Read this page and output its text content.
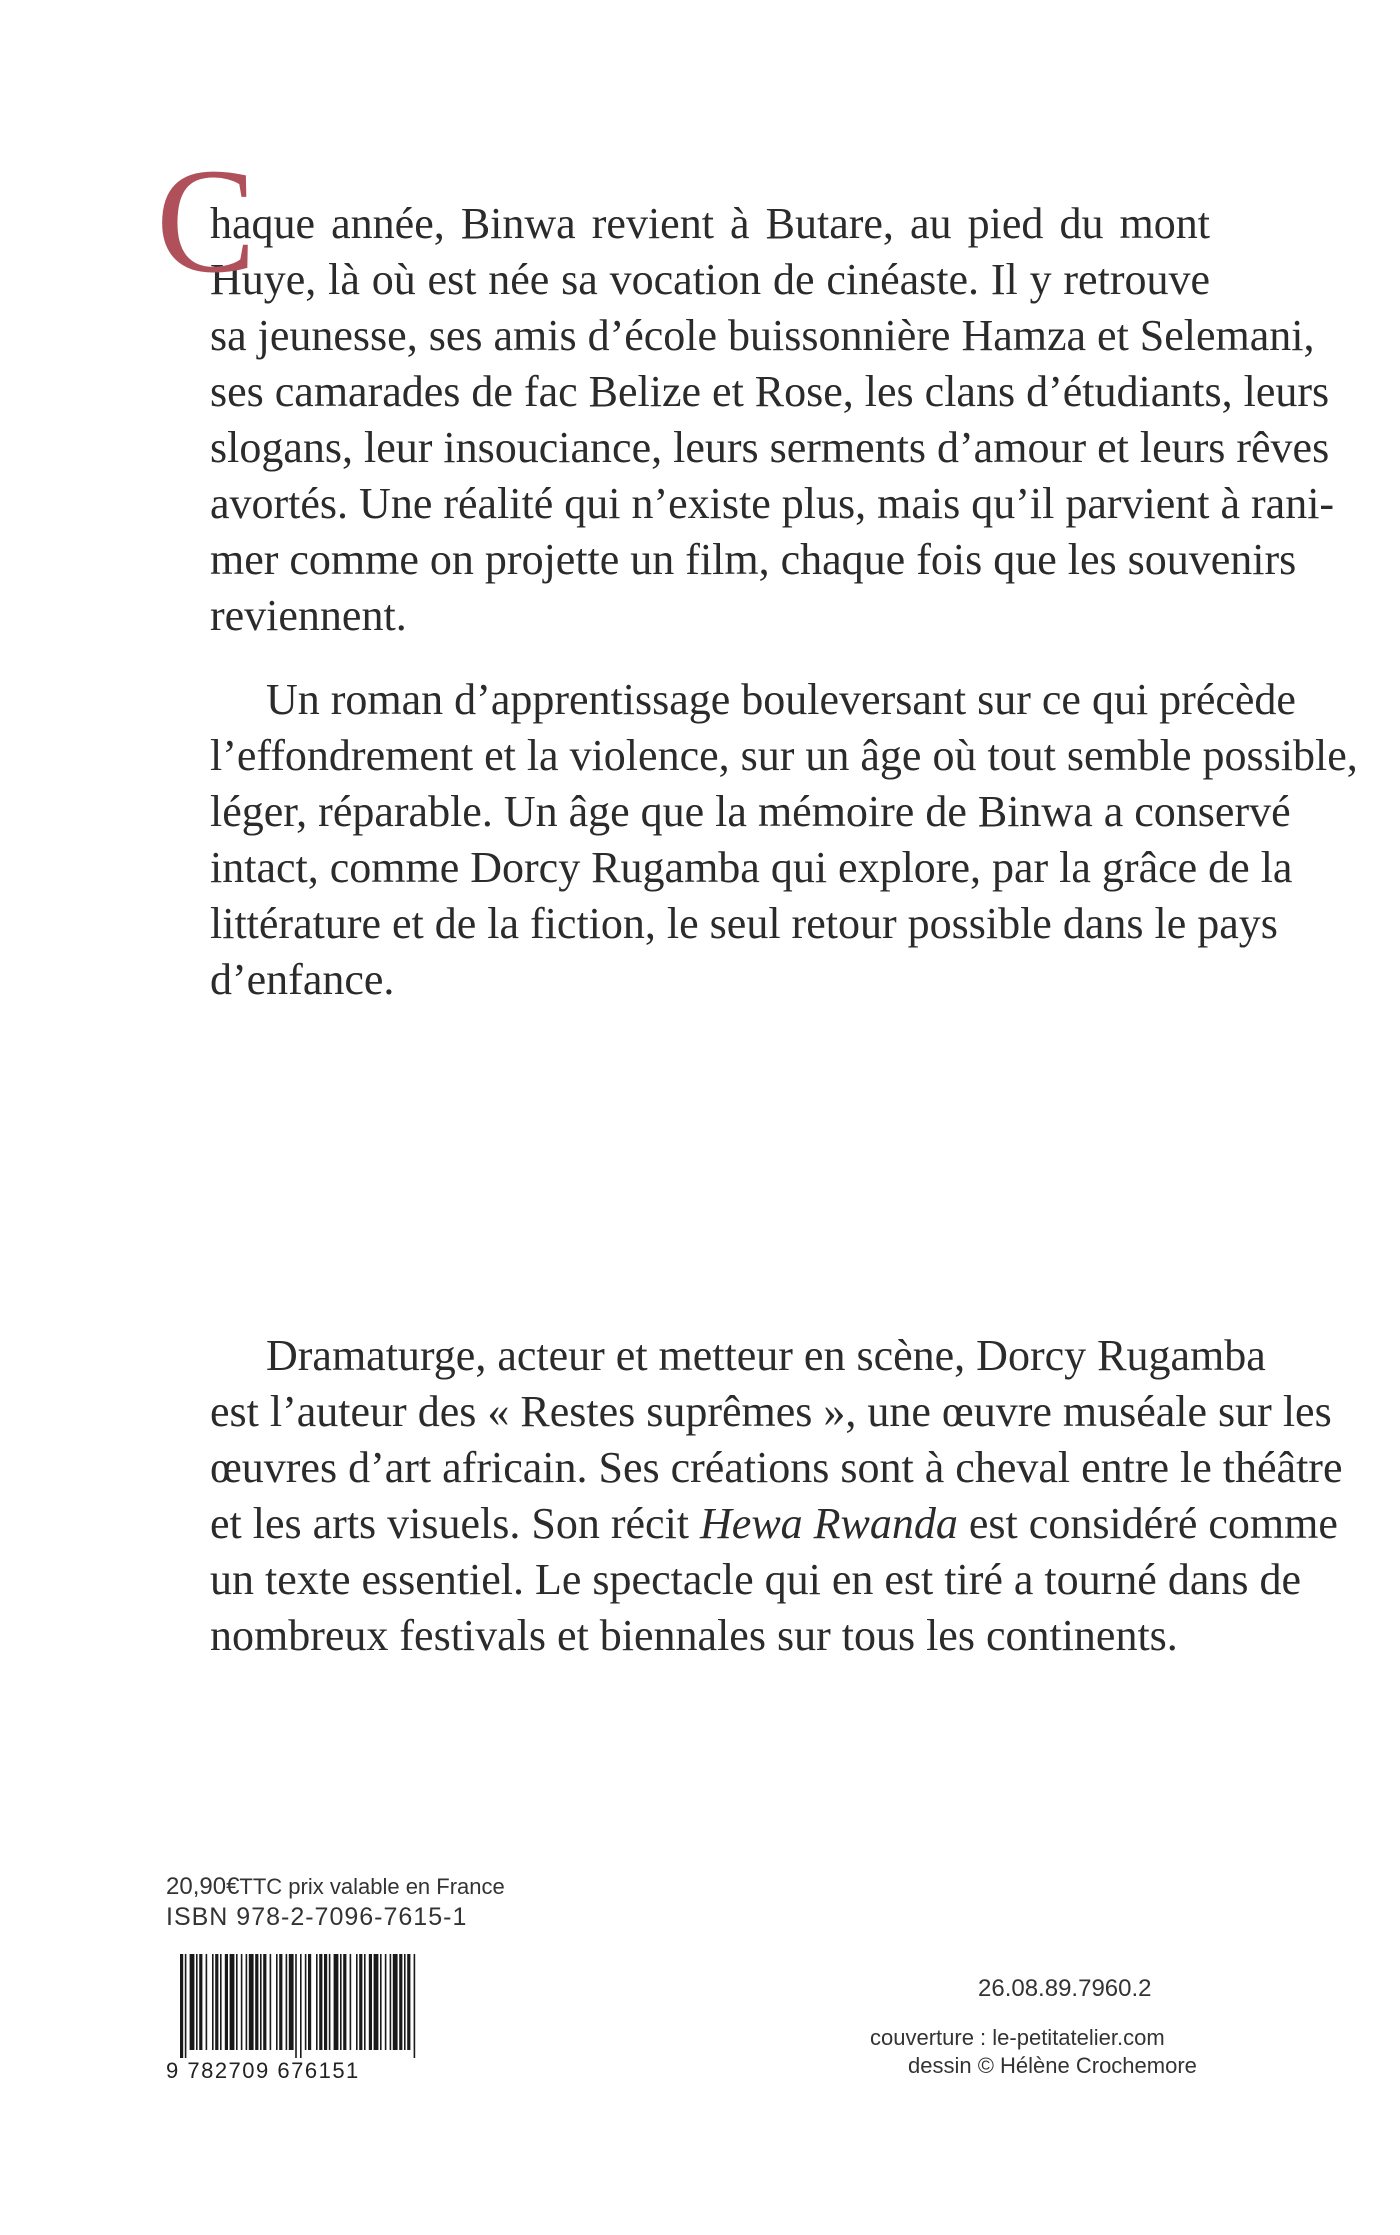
C
haque année, Binwa revient à Butare, au pied du mont
Huye, là où est née sa vocation de cinéaste. Il y retrouve
sa jeunesse, ses amis d’école buissonnière Hamza et Selemani,
ses camarades de fac Belize et Rose, les clans d’étudiants, leurs
slogans, leur insouciance, leurs serments d’amour et leurs rêves
avortés. Une réalité qui n’existe plus, mais qu’il parvient à rani-
mer comme on projette un film, chaque fois que les souvenirs
reviennent.
Un roman d’apprentissage bouleversant sur ce qui précède
l’effondrement et la violence, sur un âge où tout semble possible,
léger, réparable. Un âge que la mémoire de Binwa a conservé
intact, comme Dorcy Rugamba qui explore, par la grâce de la
littérature et de la fiction, le seul retour possible dans le pays
d’enfance.
Dramaturge, acteur et metteur en scène, Dorcy Rugamba
est l’auteur des « Restes suprêmes », une œuvre muséale sur les
œuvres d’art africain. Ses créations sont à cheval entre le théâtre
et les arts visuels. Son récit Hewa Rwanda est considéré comme
un texte essentiel. Le spectacle qui en est tiré a tourné dans de
nombreux festivals et biennales sur tous les continents.
20,90€TTC prix valable en France
ISBN 978-2-7096-7615-1
9 782709 676151
26.08.89.7960.2
couverture : le-petitatelier.com
dessin © Hélène Crochemore
